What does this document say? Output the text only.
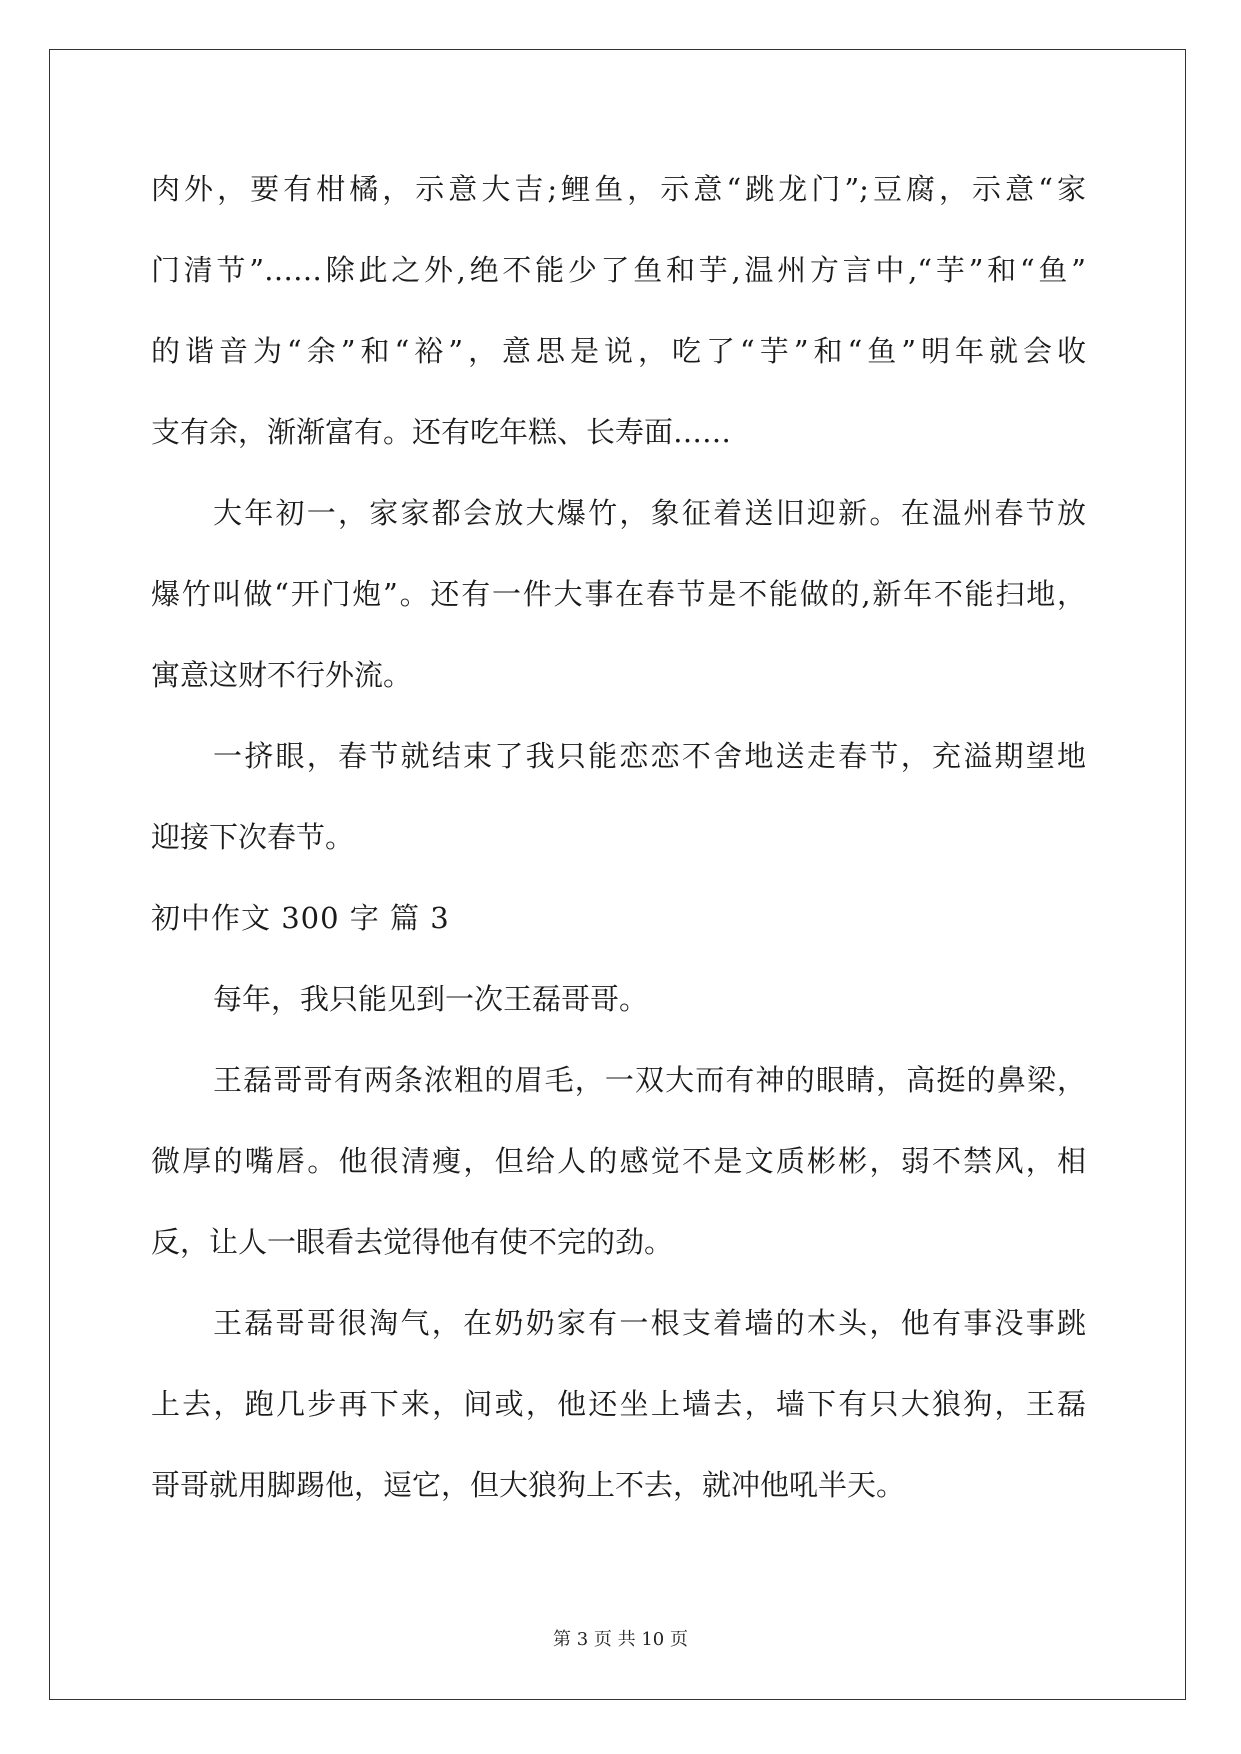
肉外，要有柑橘，示意大吉;鲤鱼，示意“跳龙门”;豆腐，示意“家
门清节”……除此之外,绝不能少了鱼和芋,温州方言中,“芋”和“鱼”
的谐音为“余”和“裕”，意思是说，吃了“芋”和“鱼”明年就会收
支有余，渐渐富有。还有吃年糕、长寿面……
大年初一，家家都会放大爆竹，象征着送旧迎新。在温州春节放
爆竹叫做“开门炮”。还有一件大事在春节是不能做的,新年不能扫地，
寓意这财不行外流。
一挤眼，春节就结束了我只能恋恋不舍地送走春节，充溢期望地
迎接下次春节。
初中作文 300 字 篇 3
每年，我只能见到一次王磊哥哥。
王磊哥哥有两条浓粗的眉毛，一双大而有神的眼睛，高挺的鼻梁，
微厚的嘴唇。他很清瘦，但给人的感觉不是文质彬彬，弱不禁风，相
反，让人一眼看去觉得他有使不完的劲。
王磊哥哥很淘气，在奶奶家有一根支着墙的木头，他有事没事跳
上去，跑几步再下来，间或，他还坐上墙去，墙下有只大狼狗，王磊
哥哥就用脚踢他，逗它，但大狼狗上不去，就冲他吼半天。
第 3 页 共 10 页
